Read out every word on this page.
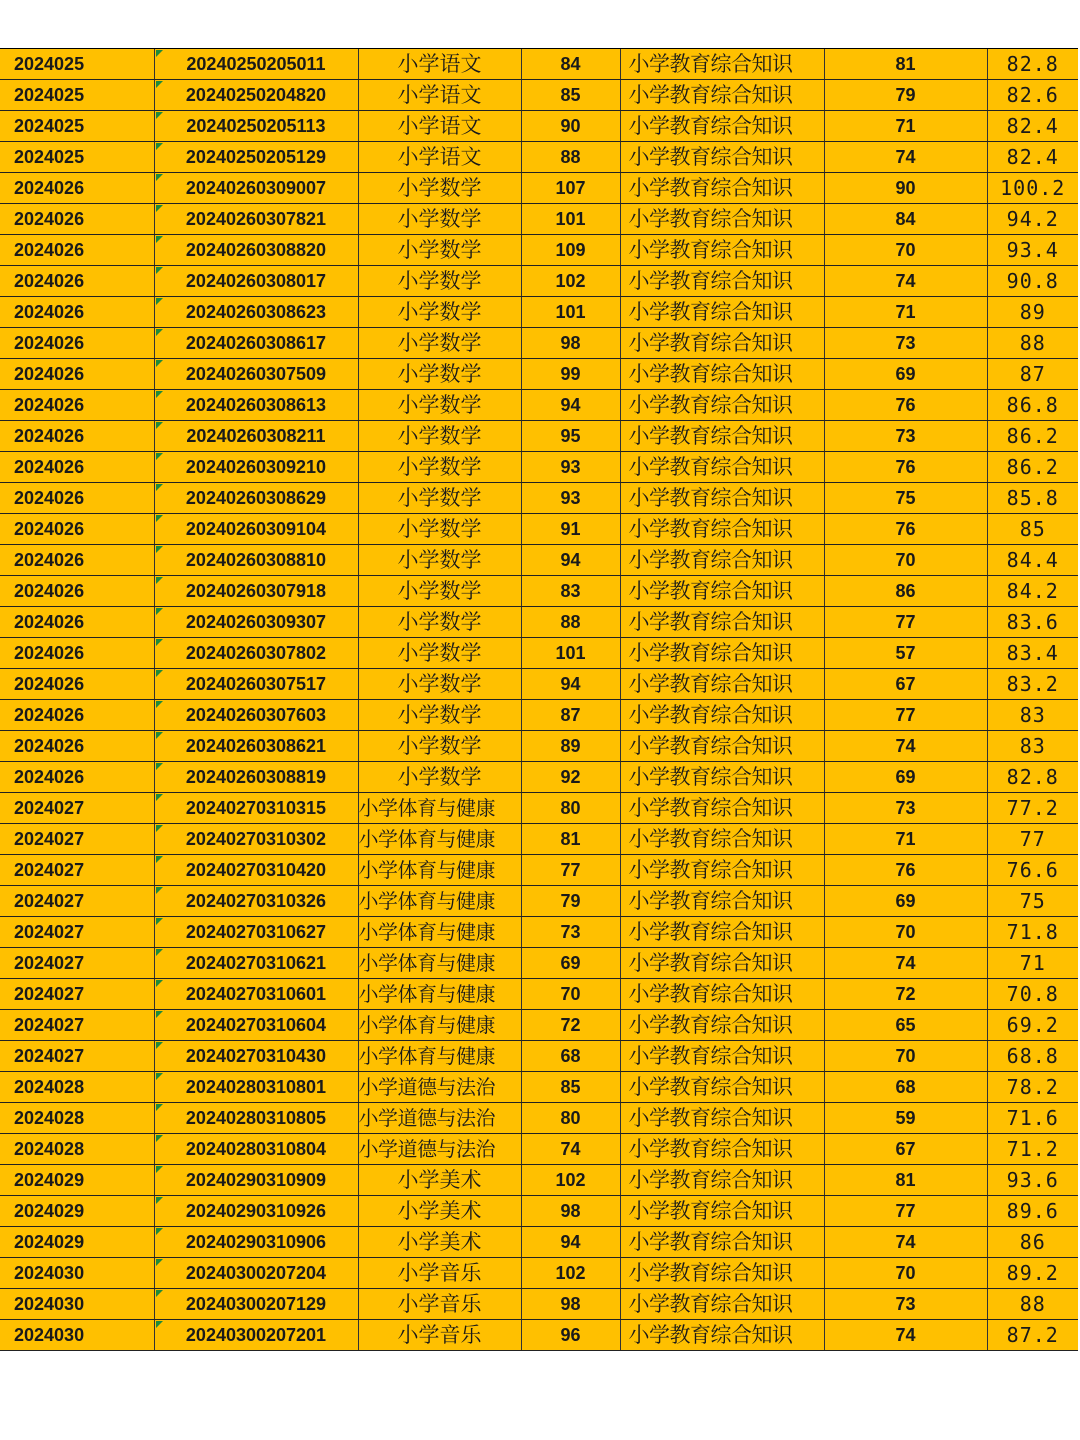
2024025	20240250205011	小学语文	84	小学教育综合知识	81	82.8
2024025	20240250204820	小学语文	85	小学教育综合知识	79	82.6
2024025	20240250205113	小学语文	90	小学教育综合知识	71	82.4
2024025	20240250205129	小学语文	88	小学教育综合知识	74	82.4
2024026	20240260309007	小学数学	107	小学教育综合知识	90	100.2
2024026	20240260307821	小学数学	101	小学教育综合知识	84	94.2
2024026	20240260308820	小学数学	109	小学教育综合知识	70	93.4
2024026	20240260308017	小学数学	102	小学教育综合知识	74	90.8
2024026	20240260308623	小学数学	101	小学教育综合知识	71	89
2024026	20240260308617	小学数学	98	小学教育综合知识	73	88
2024026	20240260307509	小学数学	99	小学教育综合知识	69	87
2024026	20240260308613	小学数学	94	小学教育综合知识	76	86.8
2024026	20240260308211	小学数学	95	小学教育综合知识	73	86.2
2024026	20240260309210	小学数学	93	小学教育综合知识	76	86.2
2024026	20240260308629	小学数学	93	小学教育综合知识	75	85.8
2024026	20240260309104	小学数学	91	小学教育综合知识	76	85
2024026	20240260308810	小学数学	94	小学教育综合知识	70	84.4
2024026	20240260307918	小学数学	83	小学教育综合知识	86	84.2
2024026	20240260309307	小学数学	88	小学教育综合知识	77	83.6
2024026	20240260307802	小学数学	101	小学教育综合知识	57	83.4
2024026	20240260307517	小学数学	94	小学教育综合知识	67	83.2
2024026	20240260307603	小学数学	87	小学教育综合知识	77	83
2024026	20240260308621	小学数学	89	小学教育综合知识	74	83
2024026	20240260308819	小学数学	92	小学教育综合知识	69	82.8
2024027	20240270310315	小学体育与健康	80	小学教育综合知识	73	77.2
2024027	20240270310302	小学体育与健康	81	小学教育综合知识	71	77
2024027	20240270310420	小学体育与健康	77	小学教育综合知识	76	76.6
2024027	20240270310326	小学体育与健康	79	小学教育综合知识	69	75
2024027	20240270310627	小学体育与健康	73	小学教育综合知识	70	71.8
2024027	20240270310621	小学体育与健康	69	小学教育综合知识	74	71
2024027	20240270310601	小学体育与健康	70	小学教育综合知识	72	70.8
2024027	20240270310604	小学体育与健康	72	小学教育综合知识	65	69.2
2024027	20240270310430	小学体育与健康	68	小学教育综合知识	70	68.8
2024028	20240280310801	小学道德与法治	85	小学教育综合知识	68	78.2
2024028	20240280310805	小学道德与法治	80	小学教育综合知识	59	71.6
2024028	20240280310804	小学道德与法治	74	小学教育综合知识	67	71.2
2024029	20240290310909	小学美术	102	小学教育综合知识	81	93.6
2024029	20240290310926	小学美术	98	小学教育综合知识	77	89.6
2024029	20240290310906	小学美术	94	小学教育综合知识	74	86
2024030	20240300207204	小学音乐	102	小学教育综合知识	70	89.2
2024030	20240300207129	小学音乐	98	小学教育综合知识	73	88
2024030	20240300207201	小学音乐	96	小学教育综合知识	74	87.2
